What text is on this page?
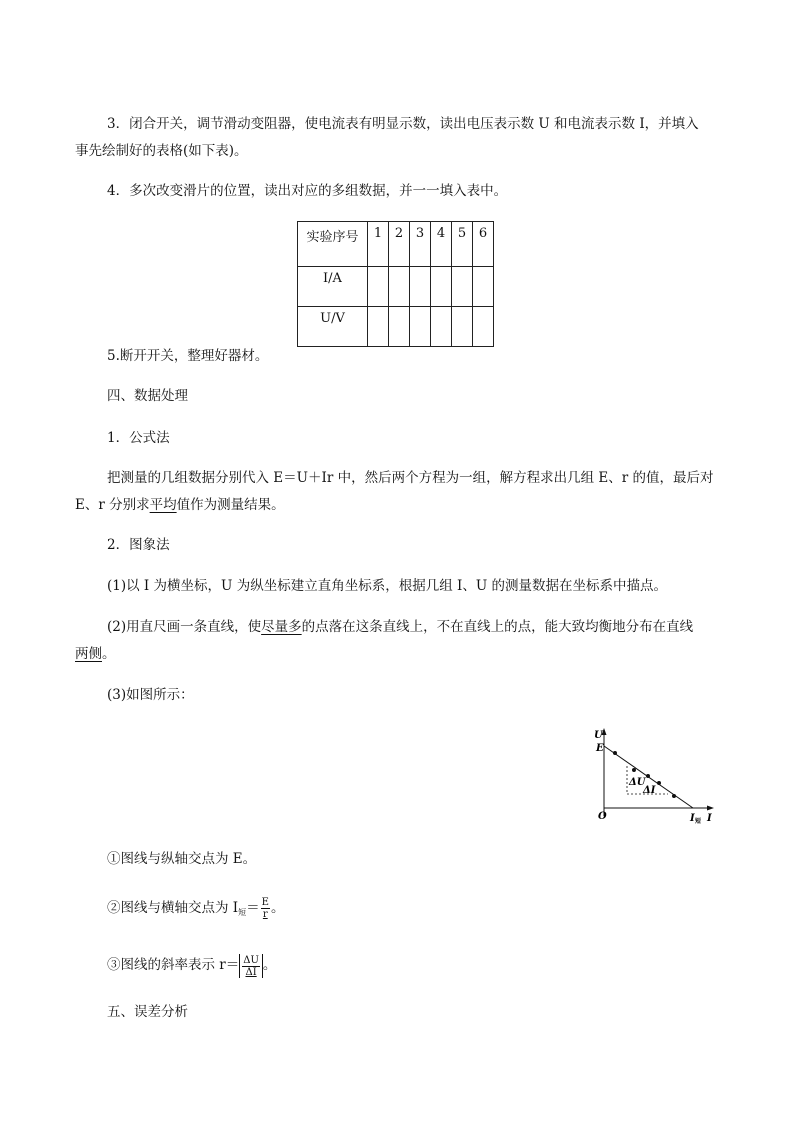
3．闭合开关，调节滑动变阻器，使电流表有明显示数，读出电压表示数 U 和电流表示数 I，并填入
事先绘制好的表格(如下表)。
4．多次改变滑片的位置，读出对应的多组数据，并一一填入表中。
实验序号	1	2	3	4	5	6
I/A						
U/V						
5.断开开关，整理好器材。
四、数据处理
1．公式法
把测量的几组数据分别代入 E＝U＋Ir 中，然后两个方程为一组，解方程求出几组 E、r 的值，最后对
E、r 分别求平均值作为测量结果。
2．图象法
(1)以 I 为横坐标，U 为纵坐标建立直角坐标系，根据几组 I、U 的测量数据在坐标系中描点。
(2)用直尺画一条直线，使尽量多的点落在这条直线上，不在直线上的点，能大致均衡地分布在直线
两侧。
(3)如图所示：
U
E
O	I
I 短
ΔU
ΔI
①图线与纵轴交点为 E。
②图线与横轴交点为 $I_短= \frac{E}{r}$ 。
③图线的斜率表示 $r= \frac{\Delta U}{\Delta I}$ 。
五、误差分析
